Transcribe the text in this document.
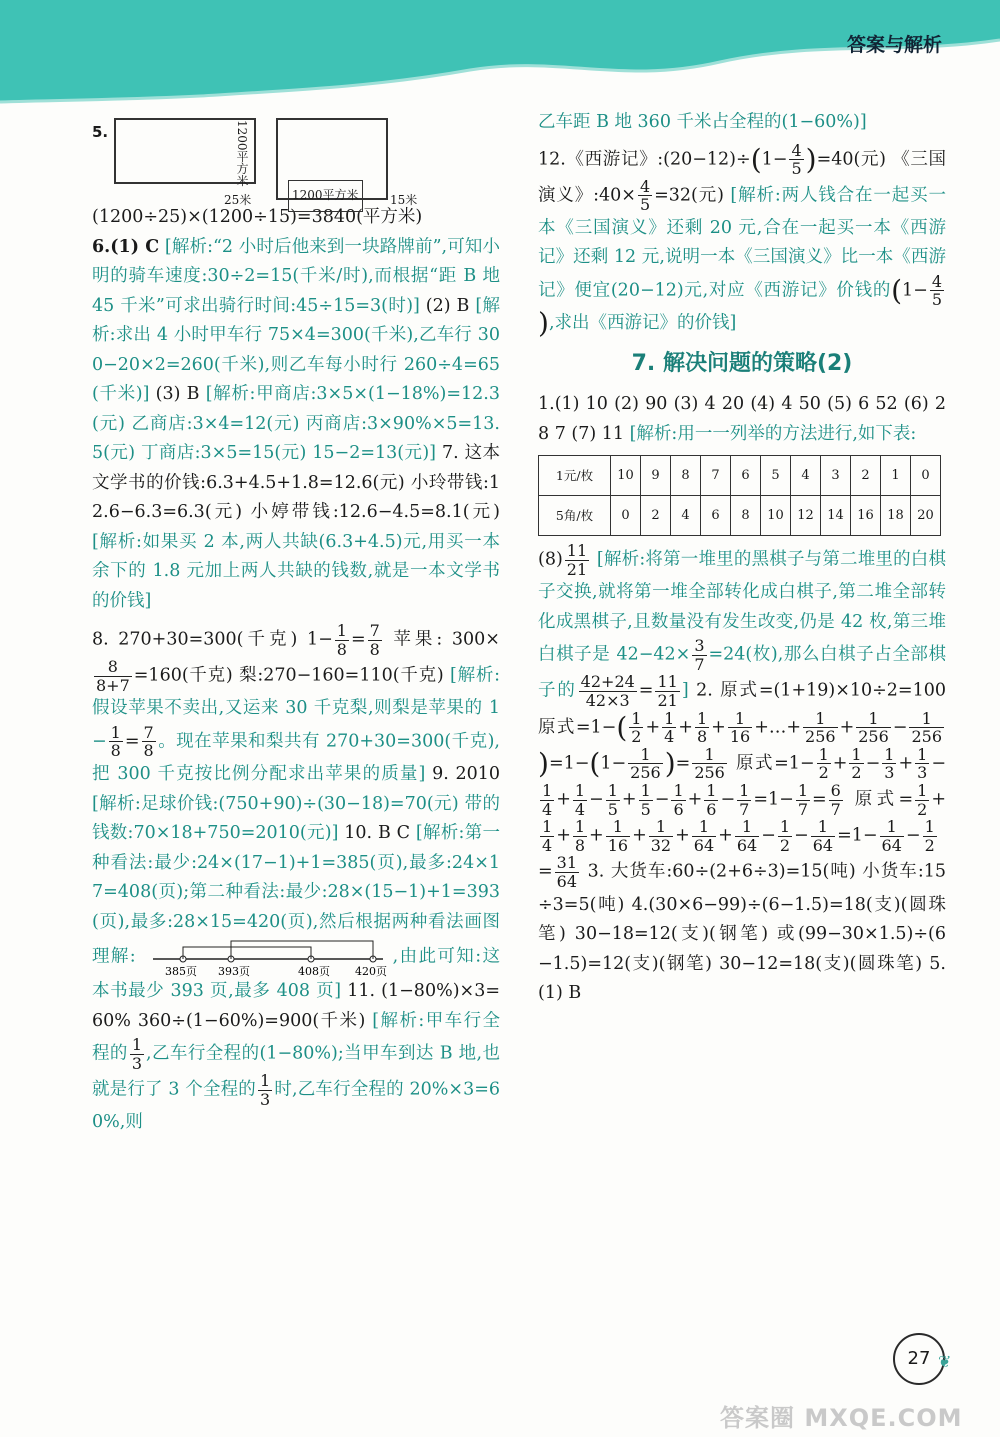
答案与解析
5.	1200平方米
25米	1200平方米	15米

(1200÷25)×(1200÷15)=3840(平方米)

6.(1) C [解析:“2 小时后他来到一块路牌前”,可知小明的骑车速度:30÷2=15(千米/时),而根据“距 B 地 45 千米”可求出骑行时间:45÷15=3(时)] (2) B [解析:求出 4 小时甲车行 75×4=300(千米),乙车行 300−20×2=260(千米),则乙车每小时行 260÷4=65(千米)] (3) B [解析:甲商店:3×5×(1−18%)=12.3(元) 乙商店:3×4=12(元) 丙商店:3×90%×5=13.5(元) 丁商店:3×5=15(元) 15−2=13(元)] 7. 这本文学书的价钱:6.3+4.5+1.8=12.6(元) 小玲带钱:12.6−6.3=6.3(元) 小婷带钱:12.6−4.5=8.1(元) [解析:如果买 2 本,两人共缺(6.3+4.5)元,用买一本余下的 1.8 元加上两人共缺的钱数,就是一本文学书的价钱]

8. 270+30=300(千克) $1- \frac{1}{8} = \frac{7}{8}$ 苹果: 300×
$\frac{8}{8+7} =160$(千克) 梨:270−160=110(千克) [解析:假设苹果不卖出,又运来 30 千克梨,则梨是苹果的 $1- \frac{1}{8} = \frac{7}{8}$ 。现在苹果和梨共有 270+30=300(千克),把 300 千克按比例分配求出苹果的质量] 9. 2010 [解析:足球价钱:(750+90)÷(30−18)=70(元) 带的钱数:70×18+750=2010(元)] 10. B C [解析:第一种看法:最少:24×(17−1)+1=385(页),最多:24×17=408(页);第二种看法:最少:28×(15−1)+1=393(页),最多:28×15=420(页),然后根据两种看法画图理解:
385页 393页	408页 420页
,由此可知:这本书最少 393 页,最多 408 页] 11. (1−80%)×3=60% 360÷(1−60%)=900(千米) [解析:甲车行全程的 $\frac{1}{3}$ ,乙车行全程的(1−80%);当甲车到达 B 地,也就是行了 3 个全程的 $\frac{1}{3}$ 时,乙车行全程的 20%×3=60%,则

乙车距 B 地 360 千米占全程的(1−60%)]

12.《西游记》:(20−12)÷(1− $\frac{4}{5} )=40$(元) 《三国演义》:40× $\frac{4}{5} =32$(元) [解析:两人钱合在一起买一本《三国演义》还剩 20 元,合在一起买一本《西游记》还剩 12 元,说明一本《三国演义》比一本《西游记》便宜(20−12)元,对应《西游记》价钱的($1- \frac{4}{5}$
),求出《西游记》的价钱]

7. 解决问题的策略(2)

1.(1) 10 (2) 90 (3) 4 20 (4) 4 50 (5) 6 52 (6) 28 7 (7) 11 [解析:用一一列举的方法进行,如下表:

1元/枚	10	9	8	7	6	5	4	3	2	1	0
5角/枚	0	2	4	6	8	10	12	14	16	18	20

$(8) \frac{11}{21}$ [解析:将第一堆里的黑棋子与第二堆里的白棋子交换,就将第一堆全部转化成白棋子,第二堆全部转化成黑棋子,且数量没有发生改变,仍是 42 枚,第三堆白棋子是 $42-42\times \frac{3}{7} =24$(枚),那么白棋子占全部棋子的 $\frac{42+24}{42\times 3} = \frac{11}{21}$ ] 2. 原式=(1+19)×10÷2=100 原式$=1-( \frac{1}{2} + \frac{1}{4} + \frac{1}{8} + \frac{1}{16}$ +…+ $\frac{1}{256} + \frac{1}{256} - \frac{1}{256}$
)$=1-(1- \frac{1}{256}$ )= $\frac{1}{256}$ 原式$=1- \frac{1}{2} + \frac{1}{2} - \frac{1}{3} + \frac{1}{3}$ −
$\frac{1}{4} + \frac{1}{4} - \frac{1}{5} + \frac{1}{5} - \frac{1}{6} + \frac{1}{6} - \frac{1}{7} =1- \frac{1}{7} = \frac{6}{7}$ 原式= $\frac{1}{2}$ +
$\frac{1}{4} + \frac{1}{8} + \frac{1}{16} + \frac{1}{32} + \frac{1}{64} + \frac{1}{64} - \frac{1}{2} - \frac{1}{64} =1- \frac{1}{64} - \frac{1}{2}$
= $\frac{31}{64} 3$. 大货车:60÷(2+6÷3)=15(吨) 小货车:15÷3=5(吨) 4.(30×6−99)÷(6−1.5)=18(支)(圆珠笔) 30−18=12(支)(钢笔) 或(99−30×1.5)÷(6−1.5)=12(支)(钢笔) 30−12=18(支)(圆珠笔) 5.(1) B

27 ❦
答案圈 MXQE.COM
